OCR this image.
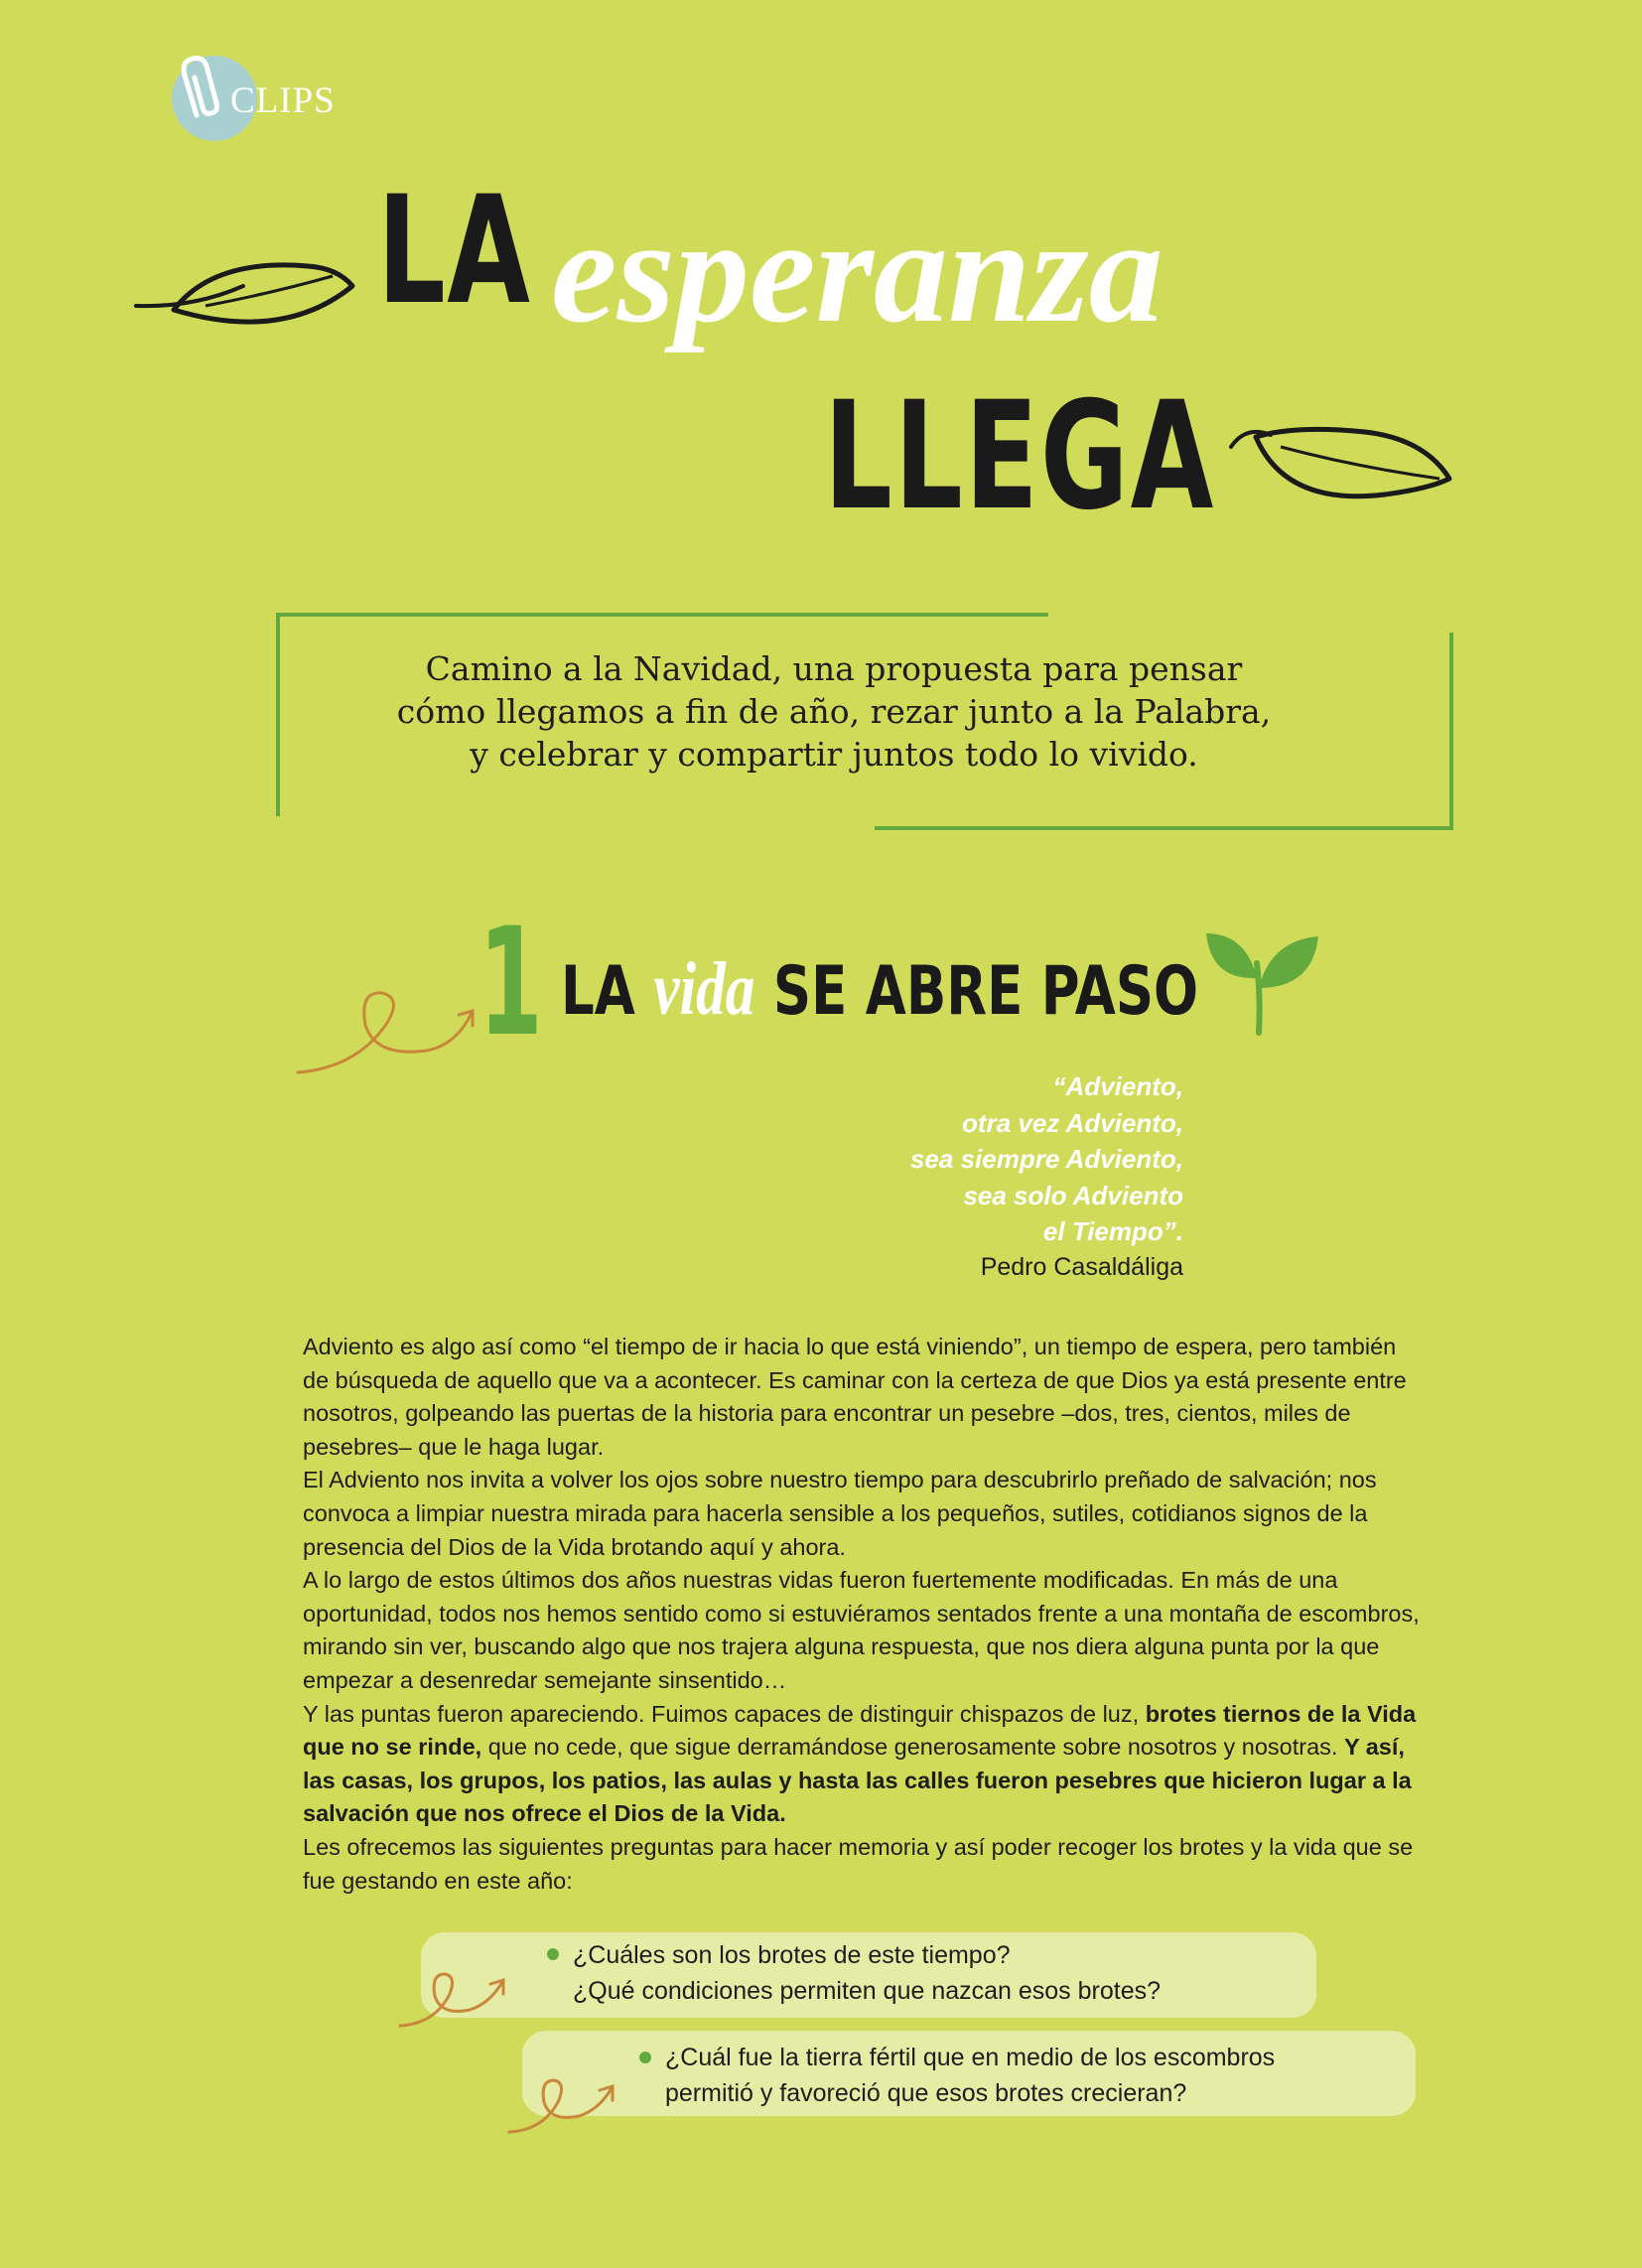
CLIPS
LA esperanza
LLEGA
Camino a la Navidad, una propuesta para pensar
cómo llegamos a fin de año, rezar junto a la Palabra,
y celebrar y compartir juntos todo lo vivido.
1 LA vida SE ABRE PASO
“Adviento,
otra vez Adviento,
sea siempre Adviento,
sea solo Adviento
el Tiempo”.
Pedro Casaldáliga

Adviento es algo así como “el tiempo de ir hacia lo que está viniendo”, un tiempo de espera, pero también de búsqueda de aquello que va a acontecer. Es caminar con la certeza de que Dios ya está presente entre nosotros, golpeando las puertas de la historia para encontrar un pesebre –dos, tres, cientos, miles de pesebres– que le haga lugar.

El Adviento nos invita a volver los ojos sobre nuestro tiempo para descubrirlo preñado de salvación; nos convoca a limpiar nuestra mirada para hacerla sensible a los pequeños, sutiles, cotidianos signos de la presencia del Dios de la Vida brotando aquí y ahora.

A lo largo de estos últimos dos años nuestras vidas fueron fuertemente modificadas. En más de una oportunidad, todos nos hemos sentido como si estuviéramos sentados frente a una montaña de escombros, mirando sin ver, buscando algo que nos trajera alguna respuesta, que nos diera alguna punta por la que empezar a desenredar semejante sinsentido…

Y las puntas fueron apareciendo. Fuimos capaces de distinguir chispazos de luz, brotes tiernos de la Vida que no se rinde, que no cede, que sigue derramándose generosamente sobre nosotros y nosotras. Y así, las casas, los grupos, los patios, las aulas y hasta las calles fueron pesebres que hicieron lugar a la salvación que nos ofrece el Dios de la Vida.

Les ofrecemos las siguientes preguntas para hacer memoria y así poder recoger los brotes y la vida que se fue gestando en este año:

¿Cuáles son los brotes de este tiempo?
¿Qué condiciones permiten que nazcan esos brotes?
¿Cuál fue la tierra fértil que en medio de los escombros
permitió y favoreció que esos brotes crecieran?
